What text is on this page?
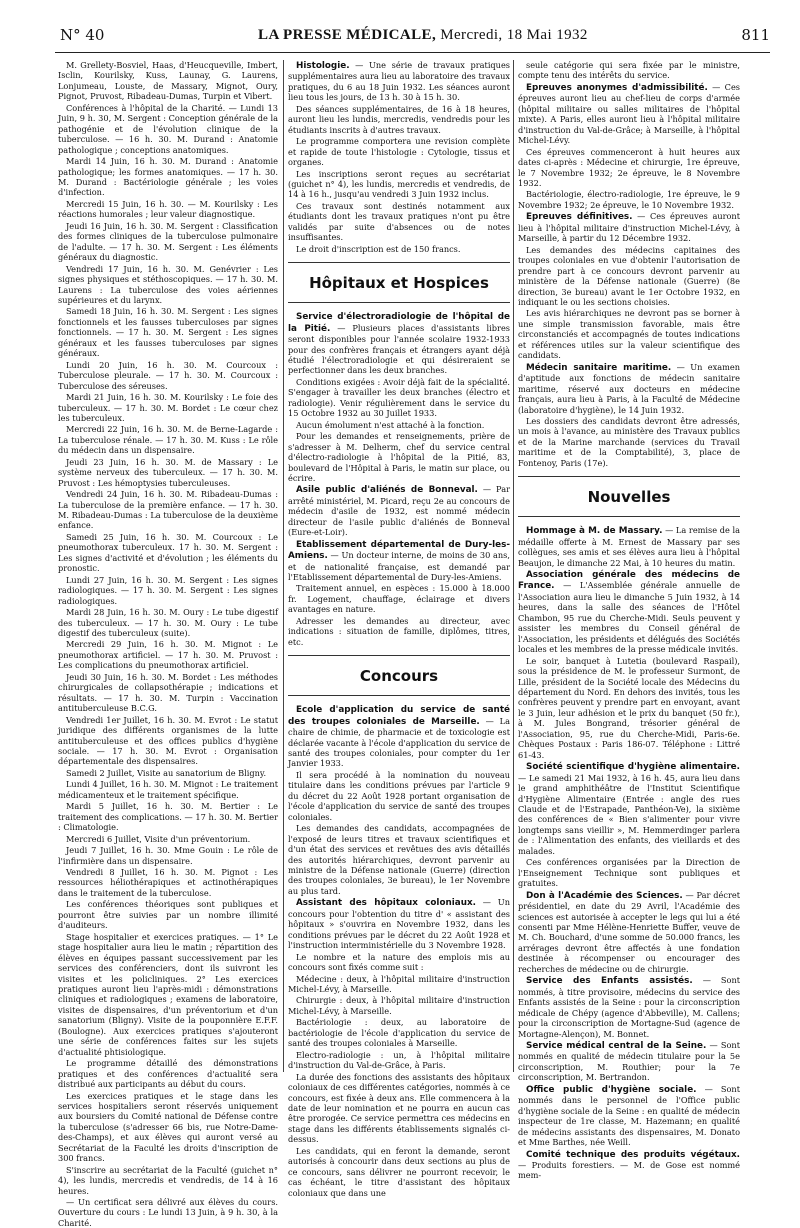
N° 40	LA PRESSE MÉDICALE, Mercredi, 18 Mai 1932	811

M. Grellety-Bosviel, Haas, d'Heucqueville, Imbert, Isclin, Kourilsky, Kuss, Launay, G. Laurens, Lonjumeau, Louste, de Massary, Mignot, Oury, Pignot, Pruvost, Ribadeau-Dumas, Turpin et Vibert.

Conférences à l'hôpital de la Charité. — Lundi 13 Juin, 9 h. 30, M. Sergent : Conception générale de la pathogénie et de l'évolution clinique de la tuberculose. — 16 h. 30. M. Durand : Anatomie pathologique ; conceptions anatomiques.

Mardi 14 Juin, 16 h. 30. M. Durand : Anatomie pathologique; les formes anatomiques. — 17 h. 30. M. Durand : Bactériologie générale ; les voies d'infection.

Mercredi 15 Juin, 16 h. 30. — M. Kourilsky : Les réactions humorales ; leur valeur diagnostique.

Jeudi 16 Juin, 16 h. 30. M. Sergent : Classification des formes cliniques de la tuberculose pulmonaire de l'adulte. — 17 h. 30. M. Sergent : Les éléments généraux du diagnostic.

Vendredi 17 Juin, 16 h. 30. M. Genévrier : Les signes physiques et stéthoscopiques. — 17 h. 30. M. Laurens : La tuberculose des voies aériennes supérieures et du larynx.

Samedi 18 Juin, 16 h. 30. M. Sergent : Les signes fonctionnels et les fausses tuberculoses par signes fonctionnels. — 17 h. 30. M. Sergent : Les signes généraux et les fausses tuberculoses par signes généraux.

Lundi 20 Juin, 16 h. 30. M. Courcoux : Tuberculose pleurale. — 17 h. 30. M. Courcoux : Tuberculose des séreuses.

Mardi 21 Juin, 16 h. 30. M. Kourilsky : Le foie des tuberculeux. — 17 h. 30. M. Bordet : Le cœur chez les tuberculeux.

Mercredi 22 Juin, 16 h. 30. M. de Berne-Lagarde : La tuberculose rénale. — 17 h. 30. M. Kuss : Le rôle du médecin dans un dispensaire.

Jeudi 23 Juin, 16 h. 30. M. de Massary : Le système nerveux des tuberculeux. — 17 h. 30. M. Pruvost : Les hémoptysies tuberculeuses.

Vendredi 24 Juin, 16 h. 30. M. Ribadeau-Dumas : La tuberculose de la première enfance. — 17 h. 30. M. Ribadeau-Dumas : La tuberculose de la deuxième enfance.

Samedi 25 Juin, 16 h. 30. M. Courcoux : Le pneumothorax tuberculeux. 17 h. 30. M. Sergent : Les signes d'activité et d'évolution ; les éléments du pronostic.

Lundi 27 Juin, 16 h. 30. M. Sergent : Les signes radiologiques. — 17 h. 30. M. Sergent : Les signes radiologiques.

Mardi 28 Juin, 16 h. 30. M. Oury : Le tube digestif des tuberculeux. — 17 h. 30. M. Oury : Le tube digestif des tuberculeux (suite).

Mercredi 29 Juin, 16 h. 30. M. Mignot : Le pneumothorax artificiel. — 17 h. 30. M. Pruvost : Les complications du pneumothorax artificiel.

Jeudi 30 Juin, 16 h. 30. M. Bordet : Les méthodes chirurgicales de collapsothérapie ; indications et résultats. — 17 h. 30. M. Turpin : Vaccination antituberculeuse B.C.G.

Vendredi 1er Juillet, 16 h. 30. M. Evrot : Le statut juridique des différents organismes de la lutte antituberculeuse et des offices publics d'hygiène sociale. — 17 h. 30. M. Evrot : Organisation départementale des dispensaires.

Samedi 2 Juillet, Visite au sanatorium de Bligny.

Lundi 4 Juillet, 16 h. 30. M. Mignot : Le traitement médicamenteux et le traitement spécifique.

Mardi 5 Juillet, 16 h. 30. M. Bertier : Le traitement des complications. — 17 h. 30. M. Bertier : Climatologie.

Mercredi 6 Juillet, Visite d'un préventorium.

Jeudi 7 Juillet, 16 h. 30. Mme Gouin : Le rôle de l'infirmière dans un dispensaire.

Vendredi 8 Juillet, 16 h. 30. M. Pignot : Les ressources héliothérapiques et actinothérapiques dans le traitement de la tuberculose.

Les conférences théoriques sont publiques et pourront être suivies par un nombre illimité d'auditeurs.

Stage hospitalier et exercices pratiques. — 1° Le stage hospitalier aura lieu le matin ; répartition des élèves en équipes passant successivement par les services des conférenciers, dont ils suivront les visites et les policliniques. 2° Les exercices pratiques auront lieu l'après-midi : démonstrations cliniques et radiologiques ; examens de laboratoire, visites de dispensaires, d'un préventorium et d'un sanatorium (Bligny). Visite de la pouponnière E.F.F. (Boulogne). Aux exercices pratiques s'ajouteront une série de conférences faites sur les sujets d'actualité phtisiologique.

Le programme détaillé des démonstrations pratiques et des conférences d'actualité sera distribué aux participants au début du cours.

Les exercices pratiques et le stage dans les services hospitaliers seront réservés uniquement aux boursiers du Comité national de Défense contre la tuberculose (s'adresser 66 bis, rue Notre-Dame-des-Champs), et aux élèves qui auront versé au Secrétariat de la Faculté les droits d'inscription de 300 francs.

S'inscrire au secrétariat de la Faculté (guichet n° 4), les lundis, mercredis et vendredis, de 14 à 16 heures.

— Un certificat sera délivré aux élèves du cours. Ouverture du cours : Le lundi 13 Juin, à 9 h. 30, à la Charité.

Histologie. — Une série de travaux pratiques supplémentaires aura lieu au laboratoire des travaux pratiques, du 6 au 18 Juin 1932. Les séances auront lieu tous les jours, de 13 h. 30 à 15 h. 30.

Des séances supplémentaires, de 16 à 18 heures, auront lieu les lundis, mercredis, vendredis pour les étudiants inscrits à d'autres travaux.

Le programme comportera une revision complète et rapide de toute l'histologie : Cytologie, tissus et organes.

Les inscriptions seront reçues au secrétariat (guichet n° 4), les lundis, mercredis et vendredis, de 14 à 16 h., jusqu'au vendredi 3 Juin 1932 inclus.

Ces travaux sont destinés notamment aux étudiants dont les travaux pratiques n'ont pu être validés par suite d'absences ou de notes insuffisantes.

Le droit d'inscription est de 150 francs.

Hôpitaux et Hospices

Service d'électroradiologie de l'hôpital de la Pitié. — Plusieurs places d'assistants libres seront disponibles pour l'année scolaire 1932-1933 pour des confrères français et étrangers ayant déjà étudié l'électroradiologie et qui désireraient se perfectionner dans les deux branches.

Conditions exigées : Avoir déjà fait de la spécialité. S'engager à travailler les deux branches (électro et radiologie). Venir régulièrement dans le service du 15 Octobre 1932 au 30 Juillet 1933.

Aucun émolument n'est attaché à la fonction.

Pour les demandes et renseignements, prière de s'adresser à M. Delherm, chef du service central d'électro-radiologie à l'hôpital de la Pitié, 83, boulevard de l'Hôpital à Paris, le matin sur place, ou écrire.

Asile public d'aliénés de Bonneval. — Par arrêté ministériel, M. Picard, reçu 2e au concours de médecin d'asile de 1932, est nommé médecin directeur de l'asile public d'aliénés de Bonneval (Eure-et-Loir).

Etablissement départemental de Dury-les-Amiens. — Un docteur interne, de moins de 30 ans, et de nationalité française, est demandé par l'Etablissement départemental de Dury-les-Amiens.

Traitement annuel, en espèces : 15.000 à 18.000 fr. Logement, chauffage, éclairage et divers avantages en nature.

Adresser les demandes au directeur, avec indications : situation de famille, diplômes, titres, etc.

Concours

Ecole d'application du service de santé des troupes coloniales de Marseille. — La chaire de chimie, de pharmacie et de toxicologie est déclarée vacante à l'école d'application du service de santé des troupes coloniales, pour compter du 1er Janvier 1933.

Il sera procédé à la nomination du nouveau titulaire dans les conditions prévues par l'article 9 du décret du 22 Août 1928 portant organisation de l'école d'application du service de santé des troupes coloniales.

Les demandes des candidats, accompagnées de l'exposé de leurs titres et travaux scientifiques et d'un état des services et revêtues des avis détaillés des autorités hiérarchiques, devront parvenir au ministre de la Défense nationale (Guerre) (direction des troupes coloniales, 3e bureau), le 1er Novembre au plus tard.

Assistant des hôpitaux coloniaux. — Un concours pour l'obtention du titre d' « assistant des hôpitaux » s'ouvrira en Novembre 1932, dans les conditions prévues par le décret du 22 Août 1928 et l'instruction interministérielle du 3 Novembre 1928.

Le nombre et la nature des emplois mis au concours sont fixés comme suit :

Médecine : deux, à l'hôpital militaire d'instruction Michel-Lévy, à Marseille.

Chirurgie : deux, à l'hôpital militaire d'instruction Michel-Lévy, à Marseille.

Bactériologie : deux, au laboratoire de bactériologie de l'école d'application du service de santé des troupes coloniales à Marseille.

Electro-radiologie : un, à l'hôpital militaire d'instruction du Val-de-Grâce, à Paris.

La durée des fonctions des assistants des hôpitaux coloniaux de ces différentes catégories, nommés à ce concours, est fixée à deux ans. Elle commencera à la date de leur nomination et ne pourra en aucun cas être prorogée. Ce service permettra ces médecins en stage dans les différents établissements signalés ci-dessus.

Les candidats, qui en feront la demande, seront autorisés à concourir dans deux sections au plus de ce concours, sans délivrer ne pourront recevoir, le cas échéant, le titre d'assistant des hôpitaux coloniaux que dans une

seule catégorie qui sera fixée par le ministre, compte tenu des intérêts du service.

Epreuves anonymes d'admissibilité. — Ces épreuves auront lieu au chef-lieu de corps d'armée (hôpital militaire ou salles militaires de l'hôpital mixte). A Paris, elles auront lieu à l'hôpital militaire d'instruction du Val-de-Grâce; à Marseille, à l'hôpital Michel-Lévy.

Ces épreuves commenceront à huit heures aux dates ci-après : Médecine et chirurgie, 1re épreuve, le 7 Novembre 1932; 2e épreuve, le 8 Novembre 1932.

Bactériologie, électro-radiologie, 1re épreuve, le 9 Novembre 1932; 2e épreuve, le 10 Novembre 1932.

Epreuves définitives. — Ces épreuves auront lieu à l'hôpital militaire d'instruction Michel-Lévy, à Marseille, à partir du 12 Décembre 1932.

Les demandes des médecins capitaines des troupes coloniales en vue d'obtenir l'autorisation de prendre part à ce concours devront parvenir au ministère de la Défense nationale (Guerre) (8e direction, 3e bureau) avant le 1er Octobre 1932, en indiquant le ou les sections choisies.

Les avis hiérarchiques ne devront pas se borner à une simple transmission favorable, mais être circonstanciés et accompagnés de toutes indications et références utiles sur la valeur scientifique des candidats.

Médecin sanitaire maritime. — Un examen d'aptitude aux fonctions de médecin sanitaire maritime, réservé aux docteurs en médecine français, aura lieu à Paris, à la Faculté de Médecine (laboratoire d'hygiène), le 14 Juin 1932.

Les dossiers des candidats devront être adressés, un mois à l'avance, au ministère des Travaux publics et de la Marine marchande (services du Travail maritime et de la Comptabilité), 3, place de Fontenoy, Paris (17e).

Nouvelles

Hommage à M. de Massary. — La remise de la médaille offerte à M. Ernest de Massary par ses collègues, ses amis et ses élèves aura lieu à l'hôpital Beaujon, le dimanche 22 Mai, à 10 heures du matin.

Association générale des médecins de France. — L'Assemblée générale annuelle de l'Association aura lieu le dimanche 5 Juin 1932, à 14 heures, dans la salle des séances de l'Hôtel Chambon, 95 rue du Cherche-Midi. Seuls peuvent y assister les membres du Conseil général de l'Association, les présidents et délégués des Sociétés locales et les membres de la presse médicale invités.

Le soir, banquet à Lutetia (boulevard Raspail), sous la présidence de M. le professeur Surmont, de Lille, président de la Société locale des Médecins du département du Nord. En dehors des invités, tous les confrères peuvent y prendre part en envoyant, avant le 3 Juin, leur adhésion et le prix du banquet (50 fr.), à M. Jules Bongrand, trésorier général de l'Association, 95, rue du Cherche-Midi, Paris-6e. Chèques Postaux : Paris 186-07. Téléphone : Littré 61-43.

Société scientifique d'hygiène alimentaire. — Le samedi 21 Mai 1932, à 16 h. 45, aura lieu dans le grand amphithéâtre de l'Institut Scientifique d'Hygiène Alimentaire (Entrée : angle des rues Claude et de l'Estrapade, Panthéon-Ve), la sixième des conférences de « Bien s'alimenter pour vivre longtemps sans vieillir », M. Hemmerdinger parlera de : l'Alimentation des enfants, des vieillards et des malades.

Ces conférences organisées par la Direction de l'Enseignement Technique sont publiques et gratuites.

Don à l'Académie des Sciences. — Par décret présidentiel, en date du 29 Avril, l'Académie des sciences est autorisée à accepter le legs qui lui a été consenti par Mme Hélène-Henriette Buffer, veuve de M. Ch. Bouchard, d'une somme de 50.000 francs, les arrérages devront être affectés à une fondation destinée à récompenser ou encourager des recherches de médecine ou de chirurgie.

Service des Enfants assistés. — Sont nommés, à titre provisoire, médecins du service des Enfants assistés de la Seine : pour la circonscription médicale de Chépy (agence d'Abbeville), M. Callens; pour la circonscription de Mortagne-Sud (agence de Mortagne-Alençon), M. Bonnet.

Service médical central de la Seine. — Sont nommés en qualité de médecin titulaire pour la 5e circonscription, M. Routhier; pour la 7e circonscription, M. Bertrandon.

Office public d'hygiène sociale. — Sont nommés dans le personnel de l'Office public d'hygiène sociale de la Seine : en qualité de médecin inspecteur de 1re classe, M. Hazemann; en qualité de médecins assistants des dispensaires, M. Donato et Mme Barthes, née Weill.

Comité technique des produits végétaux. — Produits forestiers. — M. de Gose est nommé mem-
